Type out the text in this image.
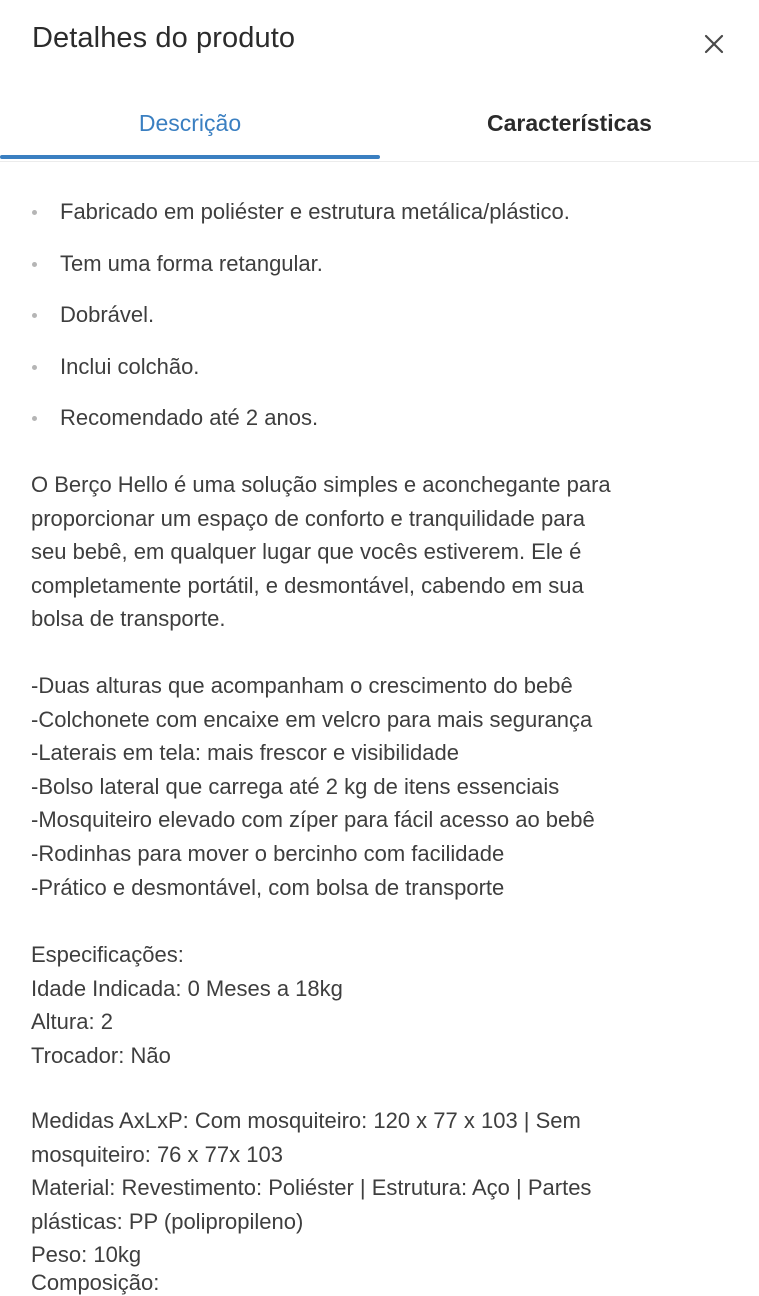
Detalhes do produto
Descrição	Características
Fabricado em poliéster e estrutura metálica/plástico.
Tem uma forma retangular.
Dobrável.
Inclui colchão.
Recomendado até 2 anos.
O Berço Hello é uma solução simples e aconchegante para
proporcionar um espaço de conforto e tranquilidade para
seu bebê, em qualquer lugar que vocês estiverem. Ele é
completamente portátil, e desmontável, cabendo em sua
bolsa de transporte.
-Duas alturas que acompanham o crescimento do bebê
-Colchonete com encaixe em velcro para mais segurança
-Laterais em tela: mais frescor e visibilidade
-Bolso lateral que carrega até 2 kg de itens essenciais
-Mosquiteiro elevado com zíper para fácil acesso ao bebê
-Rodinhas para mover o bercinho com facilidade
-Prático e desmontável, com bolsa de transporte
Especificações:
Idade Indicada: 0 Meses a 18kg
Altura: 2
Trocador: Não
Medidas AxLxP: Com mosquiteiro: 120 x 77 x 103 | Sem
mosquiteiro: 76 x 77x 103
Material: Revestimento: Poliéster | Estrutura: Aço | Partes
plásticas: PP (polipropileno)
Peso: 10kg
Composição:
